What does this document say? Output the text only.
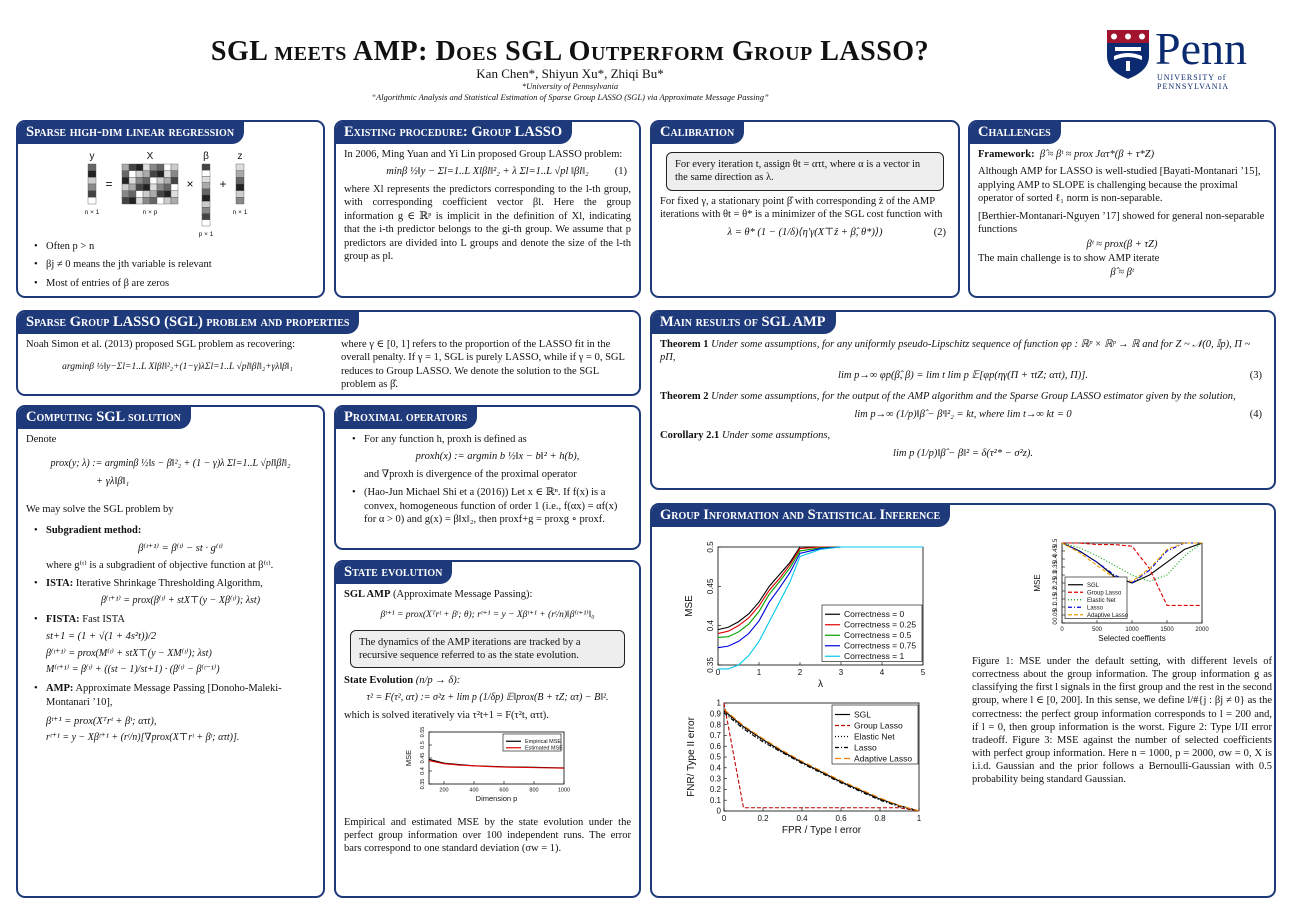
SGL meets AMP: Does SGL Outperform Group LASSO?
Kan Chen*, Shiyun Xu*, Zhiqi Bu*
*University of Pennsylvania
“Algorithmic Analysis and Statistical Estimation of Sparse Group LASSO (SGL) via Approximate Message Passing”
Penn
UNIVERSITY of PENNSYLVANIA
Sparse high-dim linear regression
y	X	β	z
=	× +
n × 1	n × p
p × 1
n × 1
• Often p > n
• βj ≠ 0 means the jth variable is relevant
• Most of entries of β are zeros
Existing procedure: Group LASSO

In 2006, Ming Yuan and Yi Lin proposed Group LASSO problem:

minβ ½‖y − Σl=1..L Xlβl‖²₂ + λ Σl=1..L √pl ‖βl‖₂ (1)

where Xl represents the predictors corresponding to the l-th group, with corresponding coefficient vector βl. Here the group information g ∈ ℝᵖ is implicit in the definition of Xl, indicating that the i-th predictor belongs to the gi-th group. We assume that p predictors are divided into L groups and denote the size of the l-th group as pl.

Calibration
For every iteration t, assign θt = ατt, where α is a vector in the same direction as λ.

For fixed γ, a stationary point β̂ with corresponding ẑ of the AMP iterations with θt = θ* is a minimizer of the SGL cost function with

λ = θ* (1 − (1/δ)⟨η′γ(X⊤ẑ + β̂, θ*)⟩)	(2)
Challenges

Framework: β̂ ≈ βᵗ ≈ prox Jατ*(β + τ*Z)

Although AMP for LASSO is well-studied [Bayati-Montanari ’15], applying AMP to SLOPE is challenging because the proximal operator of sorted ℓ₁ norm is non-separable.

[Berthier-Montanari-Nguyen ’17] showed for general non-separable functions

βᵗ ≈ prox(β + τZ)

The main challenge is to show AMP iterate

β̂ ≈ βᵗ
Sparse Group LASSO (SGL) problem and properties

Noah Simon et al. (2013) proposed SGL problem as recovering:

argminβ ½‖y−Σl=1..L Xlβl‖²₂+(1−γ)λΣl=1..L √pl‖βl‖₂+γλ‖β‖₁

where γ ∈ [0, 1] refers to the proportion of the LASSO fit in the overall penalty. If γ = 1, SGL is purely LASSO, while if γ = 0, SGL reduces to Group LASSO. We denote the solution to the SGL problem as β̂.

Main results of SGL AMP

Theorem 1 Under some assumptions, for any uniformly pseudo-Lipschitz sequence of function φp : ℝᵖ × ℝᵖ → ℝ and for Z ~ 𝒩(0, 𝕀p), Π ~ pΠ,

lim p→∞ φp(β̂, β) = lim t lim p 𝔼[φp(ηγ(Π + τtZ; ατt), Π)].	(3)

Theorem 2 Under some assumptions, for the output of the AMP algorithm and the Sparse Group LASSO estimator given by the solution,

lim p→∞ (1/p)‖β̂ − βᵗ‖²₂ = kt, where lim t→∞ kt = 0	(4)

Corollary 2.1 Under some assumptions,

lim p (1/p)‖β̂ − β‖² = δ(τ²* − σ²z).
Computing SGL solution

Denote

prox(y; λ) := argminβ ½‖s − β‖²₂ + (1 − γ)λ Σl=1..L √pl‖βl‖₂
+ γλ‖β‖₁

We may solve the SGL problem by

• Subgradient method:
β⁽ᵗ⁺¹⁾ = β⁽ᵗ⁾ − st · g⁽ᵗ⁾
where g⁽ᵗ⁾ is a subgradient of objective function at β⁽ᵗ⁾.
• ISTA: Iterative Shrinkage Thresholding Algorithm,
β⁽ᵗ⁺¹⁾ = prox(β⁽ᵗ⁾ + stX⊤(y − Xβ⁽ᵗ⁾); λst)
• FISTA: Fast ISTA
st+1 = (1 + √(1 + 4s²t))/2
β⁽ᵗ⁺¹⁾ = prox(M⁽ᵗ⁾ + stX⊤(y − XM⁽ᵗ⁾); λst)
M⁽ᵗ⁺¹⁾ = β⁽ᵗ⁾ + ((st − 1)/st+1) · (β⁽ᵗ⁾ − β⁽ᵗ⁻¹⁾)
• AMP: Approximate Message Passing [Donoho-Maleki-Montanari ’10],
βᵗ⁺¹ = prox(Xᵀrᵗ + βᵗ; ατt),
rᵗ⁺¹ = y − Xβᵗ⁺¹ + (rᵗ/n)[∇prox(X⊤rᵗ + βᵗ; ατt)].
Proximal operators
• For any function h, proxh is defined as
proxh(x) := argmin b ½‖x − b‖² + h(b),
and ∇proxh is divergence of the proximal operator
• (Hao-Jun Michael Shi et a (2016)) Let x ∈ ℝⁿ. If f(x) is a convex, homogeneous function of order 1 (i.e., f(αx) = αf(x) for α > 0) and g(x) = β‖x‖₂, then proxf+g = proxg ∘ proxf.
State evolution

SGL AMP (Approximate Message Passing):

βᵗ⁺¹ = prox(Xᵀrᵗ + βᵗ; θ); rᵗ⁺¹ = y − Xβᵗ⁺¹ + (rᵗ/n)‖β⁽ᵗ⁺¹⁾‖₀
The dynamics of the AMP iterations are tracked by a recursive sequence referred to as the state evolution.

State Evolution (n/p → δ):

τ² = F(τ², ατ) := σ²z + lim p (1/δp) 𝔼‖prox(B + τZ; ατ) − B‖².

which is solved iteratively via τ²t+1 = F(τ²t, ατt).

200	400	600	800	1000
0.35
0.4
0.45
0.5
0.55
Dimension p
MSE
Empirical MSE
Estimated MSE

Empirical and estimated MSE by the state evolution under the perfect group information over 100 independent runs. The error bars correspond to one standard deviation (σw = 1).

Group Information and Statistical Inference
0	1	2	3	4	5
0.35
0.4
0.45
0.5
λ
MSE	Correctness = 0
Correctness = 0.25
Correctness = 0.5
Correctness = 0.75
Correctness = 1
0	500	1000	1500	2000
0
0.05
0.1
0.15
0.2
0.25
0.3
0.35
0.4
0.45
0.5
Selected coeffients
MSE	SGL
Group Lasso
Elastic Net
Lasso
Adaptive Lasso
0	0.2	0.4	0.6	0.8	1
0
0.1
0.2
0.3
0.4
0.5
0.6
0.7
0.8
0.9
1
FPR / Type I error
FNR/ Type II error
SGL
Group Lasso
Elastic Net
Lasso
Adaptive Lasso

Figure 1: MSE under the default setting, with different levels of correctness about the group information. The group information g as classifying the first l signals in the first group and the rest in the second group, where l ∈ [0, 200]. In this sense, we define l/#{j : βj ≠ 0} as the correctness: the perfect group information corresponds to l = 200 and, if l = 0, then group information is the worst. Figure 2: Type I/II error tradeoff. Figure 3: MSE against the number of selected coefficients with perfect group information. Here n = 1000, p = 2000, σw = 0, X is i.i.d. Gaussian and the prior follows a Bernoulli-Gaussian with 0.5 probability being standard Gaussian.
